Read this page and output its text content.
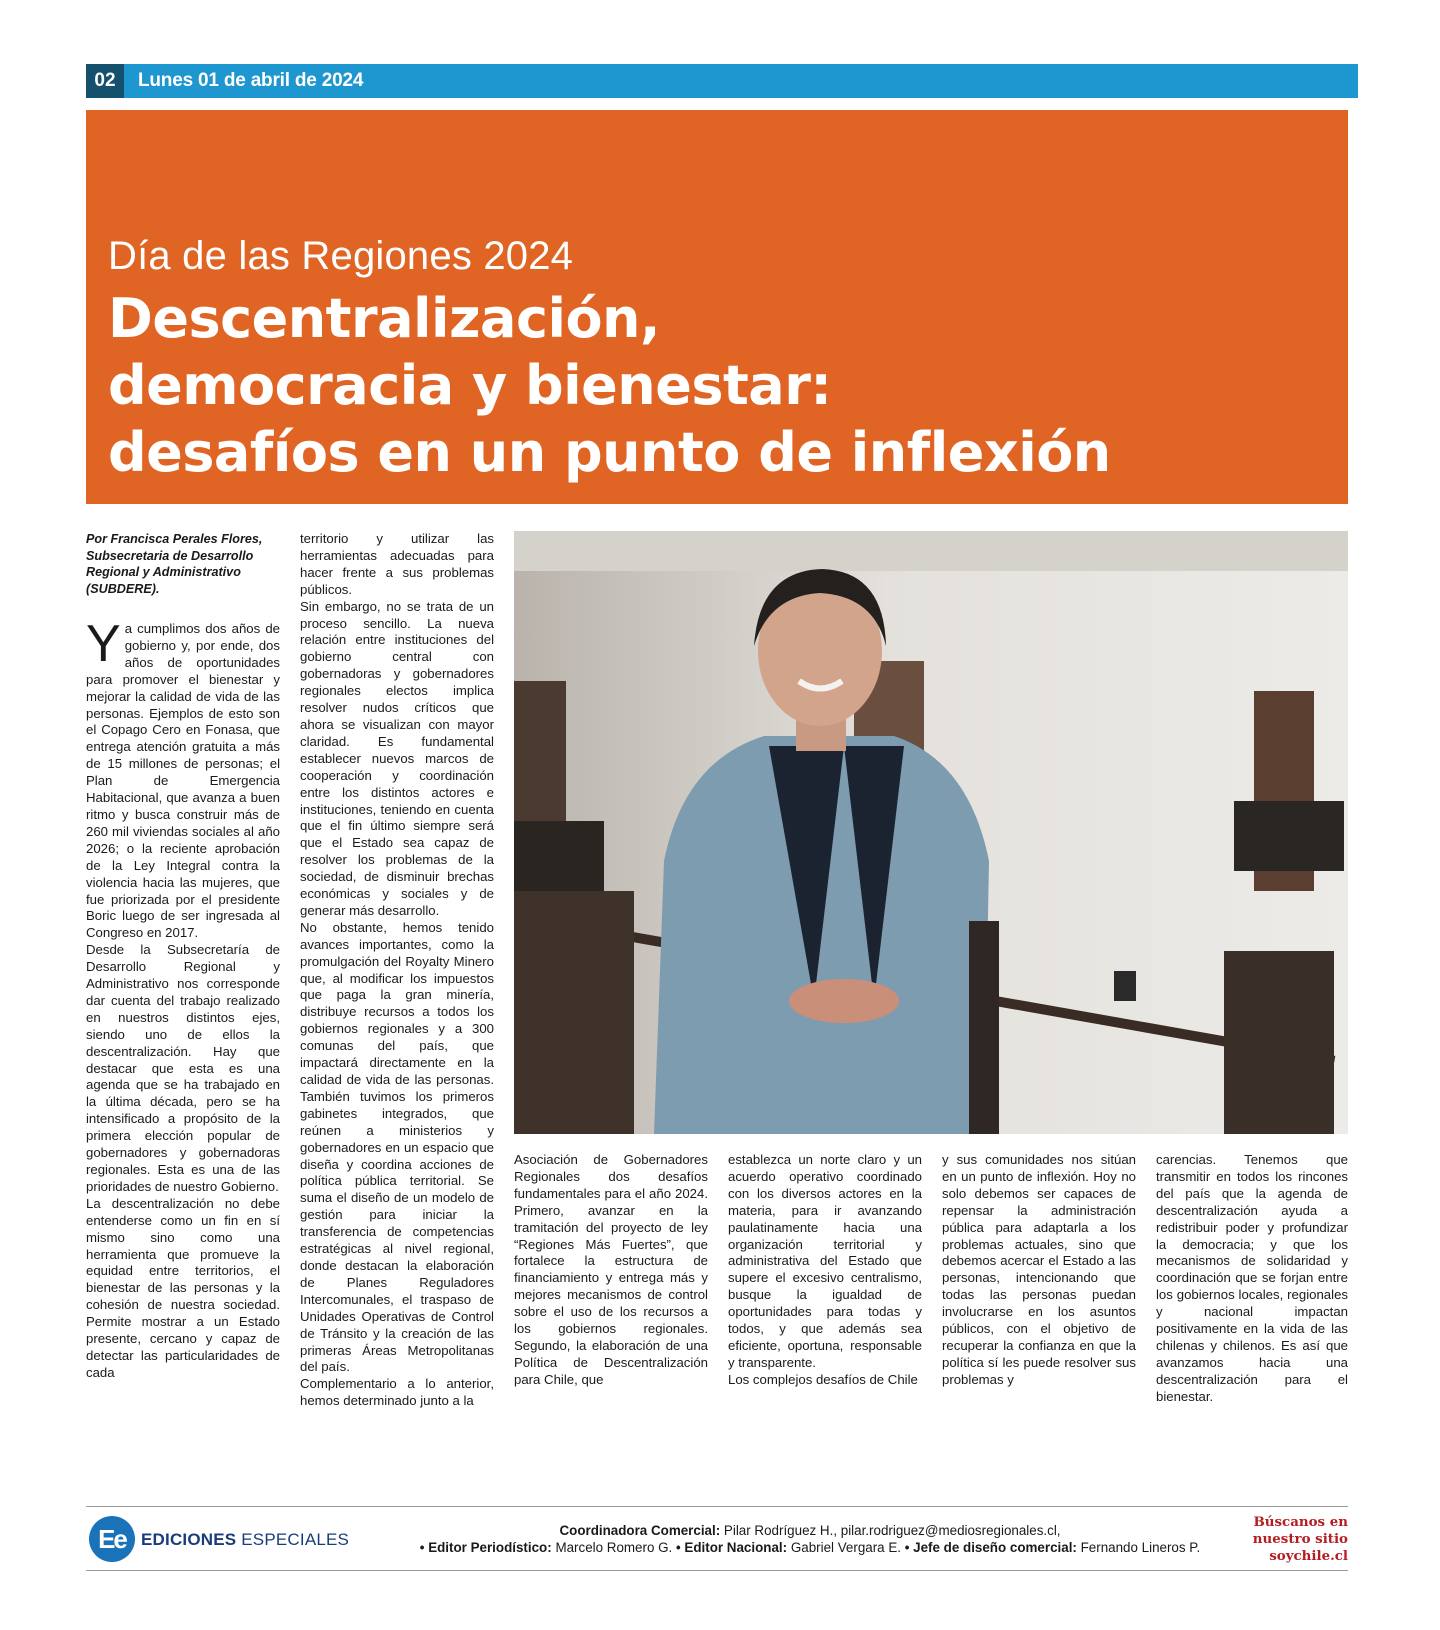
02	Lunes 01 de abril de 2024
Día de las Regiones 2024
Descentralización,
democracia y bienestar:
desafíos en un punto de inflexión

Por Francisca Perales Flores, Subsecretaria de Desarrollo Regional y Administrativo (SUBDERE).

Ya cumplimos dos años de gobierno y, por ende, dos años de oportunidades para promover el bienestar y mejorar la calidad de vida de las personas. Ejemplos de esto son el Copago Cero en Fonasa, que entrega atención gratuita a más de 15 millones de personas; el Plan de Emergencia Habitacional, que avanza a buen ritmo y busca construir más de 260 mil viviendas sociales al año 2026; o la reciente aprobación de la Ley Integral contra la violencia hacia las mujeres, que fue priorizada por el presidente Boric luego de ser ingresada al Congreso en 2017.

Desde la Subsecretaría de Desarrollo Regional y Administrativo nos corresponde dar cuenta del trabajo realizado en nuestros distintos ejes, siendo uno de ellos la descentralización. Hay que destacar que esta es una agenda que se ha trabajado en la última década, pero se ha intensificado a propósito de la primera elección popular de gobernadores y gobernadoras regionales. Esta es una de las prioridades de nuestro Gobierno.

La descentralización no debe entenderse como un fin en sí mismo sino como una herramienta que promueve la equidad entre territorios, el bienestar de las personas y la cohesión de nuestra sociedad. Permite mostrar a un Estado presente, cercano y capaz de detectar las particularidades de cada

territorio y utilizar las herramientas adecuadas para hacer frente a sus problemas públicos.

Sin embargo, no se trata de un proceso sencillo. La nueva relación entre instituciones del gobierno central con gobernadoras y gobernadores regionales electos implica resolver nudos críticos que ahora se visualizan con mayor claridad. Es fundamental establecer nuevos marcos de cooperación y coordinación entre los distintos actores e instituciones, teniendo en cuenta que el fin último siempre será que el Estado sea capaz de resolver los problemas de la sociedad, de disminuir brechas económicas y sociales y de generar más desarrollo.

No obstante, hemos tenido avances importantes, como la promulgación del Royalty Minero que, al modificar los impuestos que paga la gran minería, distribuye recursos a todos los gobiernos regionales y a 300 comunas del país, que impactará directamente en la calidad de vida de las personas. También tuvimos los primeros gabinetes integrados, que reúnen a ministerios y gobernadores en un espacio que diseña y coordina acciones de política pública territorial. Se suma el diseño de un modelo de gestión para iniciar la transferencia de competencias estratégicas al nivel regional, donde destacan la elaboración de Planes Reguladores Intercomunales, el traspaso de Unidades Operativas de Control de Tránsito y la creación de las primeras Áreas Metropolitanas del país.

Complementario a lo anterior, hemos determinado junto a la

Asociación de Gobernadores Regionales dos desafíos fundamentales para el año 2024. Primero, avanzar en la tramitación del proyecto de ley “Regiones Más Fuertes”, que fortalece la estructura de financiamiento y entrega más y mejores mecanismos de control sobre el uso de los recursos a los gobiernos regionales. Segundo, la elaboración de una Política de Descentralización para Chile, que

establezca un norte claro y un acuerdo operativo coordinado con los diversos actores en la materia, para ir avanzando paulatinamente hacia una organización territorial y administrativa del Estado que supere el excesivo centralismo, busque la igualdad de oportunidades para todas y todos, y que además sea eficiente, oportuna, responsable y transparente.

Los complejos desafíos de Chile

y sus comunidades nos sitúan en un punto de inflexión. Hoy no solo debemos ser capaces de repensar la administración pública para adaptarla a los problemas actuales, sino que debemos acercar el Estado a las personas, intencionando que todas las personas puedan involucrarse en los asuntos públicos, con el objetivo de recuperar la confianza en que la política sí les puede resolver sus problemas y

carencias. Tenemos que transmitir en todos los rincones del país que la agenda de descentralización ayuda a redistribuir poder y profundizar la democracia; y que los mecanismos de solidaridad y coordinación que se forjan entre los gobiernos locales, regionales y nacional impactan positivamente en la vida de las chilenas y chilenos. Es así que avanzamos hacia una descentralización para el bienestar.

Ee EDICIONES ESPECIALES	Coordinadora Comercial: Pilar Rodríguez H., pilar.rodriguez@mediosregionales.cl,
• Editor Periodístico: Marcelo Romero G. • Editor Nacional: Gabriel Vergara E. • Jefe de diseño comercial: Fernando Lineros P.
Búscanos en
nuestro sitio
soychile.cl
